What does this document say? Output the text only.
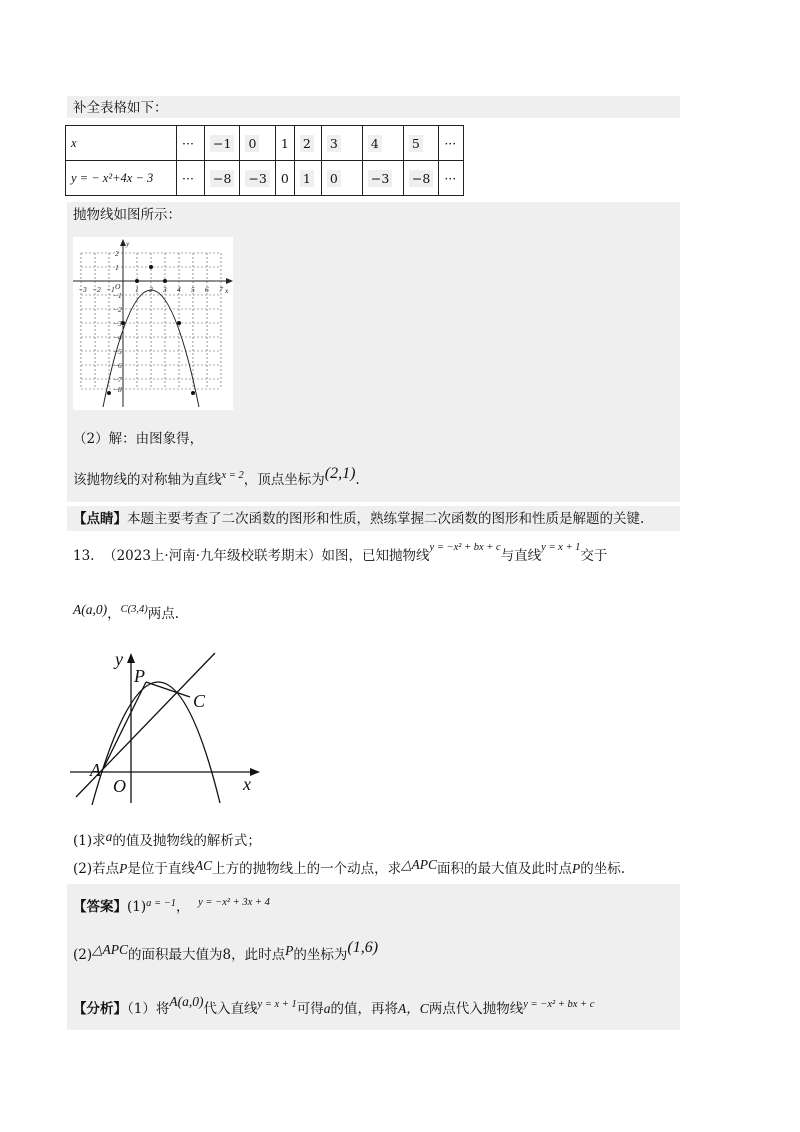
补全表格如下：
x	···	−1	0	1	2	3	4	5	···
y = − x²+4x − 3	···	−8	−3	0	1	0	−3	−8	···
抛物线如图所示：
−3 −2 −1	1 2 3 4 5 6 7
2
1
−1
−2
−3
−4
−5
−6
−7
−8
O	x
y
（2）解：由图象得，
该抛物线的对称轴为直线$^{x = 2}$，顶点坐标为(2,1).
【点睛】本题主要考查了二次函数的图形和性质，熟练掌握二次函数的图形和性质是解题的关键.
13. （2023上·河南·九年级校联考期末）如图，已知抛物线$^{y = -x^2 + bx + c}$与直线$^{y = x + 1}$交于
A(a,0)，$^{C(3,4)}$两点.
y
P
C
A
O	x
(1)求a的值及抛物线的解析式；
(2)若点P是位于直线AC上方的抛物线上的一个动点，求△APC面积的最大值及此时点P的坐标.
【答案】$(1)^{a = -1}$， $^{y = -x^2 + 3x + 4}$
(2)△APC的面积最大值为8，此时点P的坐标为(1,6)
【分析】（1）将A(a,0)代入直线$^{y = x + 1}$可得a的值，再将A，C两点代入抛物线$^{y = -x^2 + bx + c}$
